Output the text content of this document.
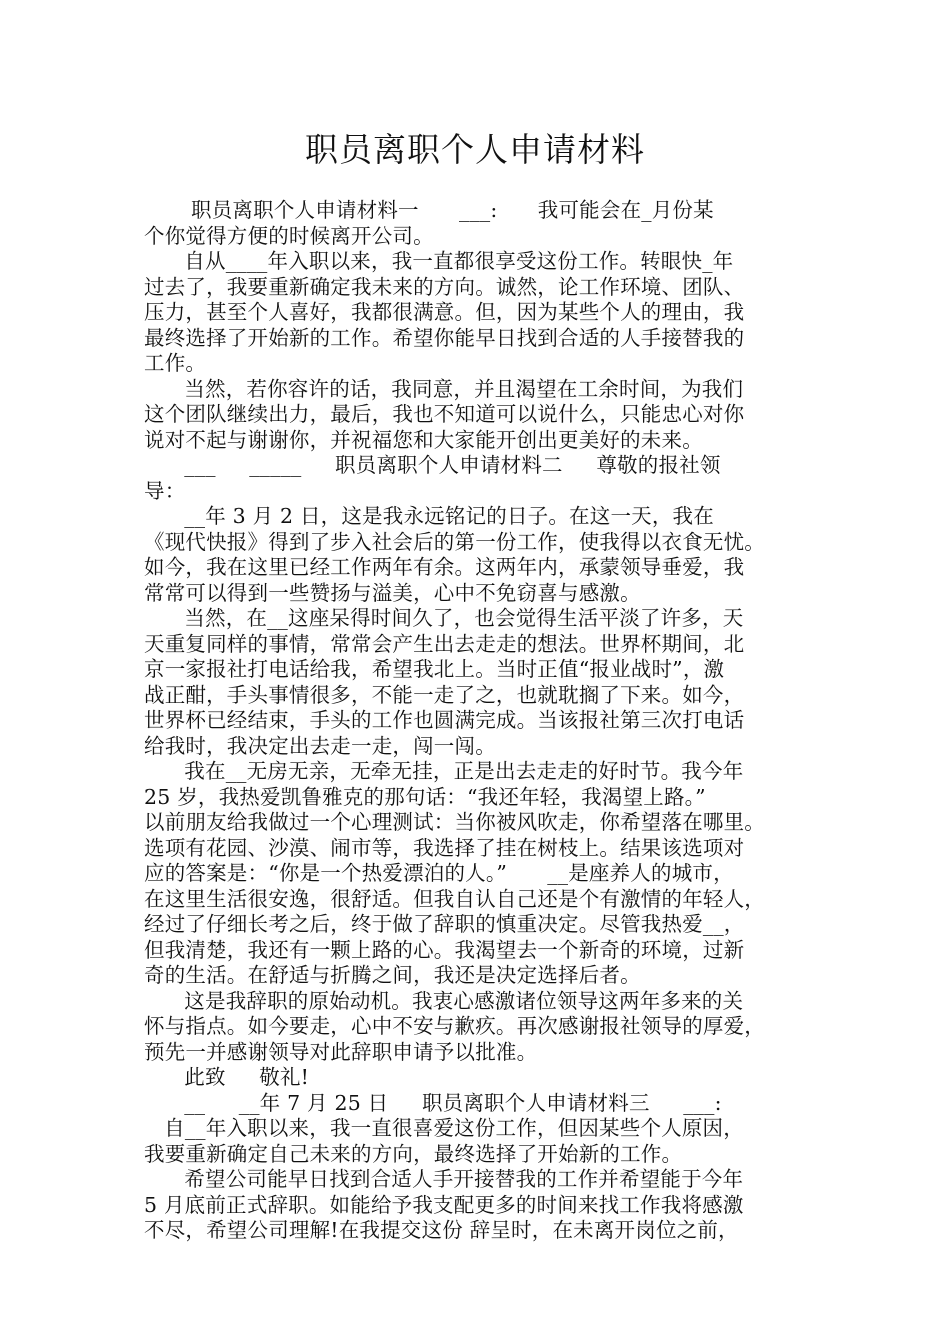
职员离职个人申请材料
职员离职个人申请材料一      ___:      我可能会在_月份某
个你觉得方便的时候离开公司。
自从____年入职以来，我一直都很享受这份工作。转眼快_年
过去了，我要重新确定我未来的方向。诚然，论工作环境、团队、
压力，甚至个人喜好，我都很满意。但，因为某些个人的理由，我
最终选择了开始新的工作。希望你能早日找到合适的人手接替我的
工作。
当然，若你容许的话，我同意，并且渴望在工余时间，为我们
这个团队继续出力，最后，我也不知道可以说什么，只能忠心对你
说对不起与谢谢你，并祝福您和大家能开创出更美好的未来。
___     _____     职员离职个人申请材料二     尊敬的报社领
导：
__年 3 月 2 日，这是我永远铭记的日子。在这一天，我在
《现代快报》得到了步入社会后的第一份工作，使我得以衣食无忧。
如今，我在这里已经工作两年有余。这两年内，承蒙领导垂爱，我
常常可以得到一些赞扬与溢美，心中不免窃喜与感激。
当然，在__这座呆得时间久了，也会觉得生活平淡了许多，天
天重复同样的事情，常常会产生出去走走的想法。世界杯期间，北
京一家报社打电话给我，希望我北上。当时正值“报业战时”，激
战正酣，手头事情很多，不能一走了之，也就耽搁了下来。如今，
世界杯已经结束，手头的工作也圆满完成。当该报社第三次打电话
给我时，我决定出去走一走，闯一闯。
我在__无房无亲，无牵无挂，正是出去走走的好时节。我今年
25 岁，我热爱凯鲁雅克的那句话：“我还年轻，我渴望上路。”
以前朋友给我做过一个心理测试：当你被风吹走，你希望落在哪里。
选项有花园、沙漠、闹市等，我选择了挂在树枝上。结果该选项对
应的答案是：“你是一个热爱漂泊的人。”      __是座养人的城市，
在这里生活很安逸，很舒适。但我自认自己还是个有激情的年轻人，
经过了仔细长考之后，终于做了辞职的慎重决定。尽管我热爱__，
但我清楚，我还有一颗上路的心。我渴望去一个新奇的环境，过新
奇的生活。在舒适与折腾之间，我还是决定选择后者。
这是我辞职的原始动机。我衷心感激诸位领导这两年多来的关
怀与指点。如今要走，心中不安与歉疚。再次感谢报社领导的厚爱，
预先一并感谢领导对此辞职申请予以批准。
此致     敬礼!
__     __年 7 月 25 日     职员离职个人申请材料三     ___:
自__年入职以来，我一直很喜爱这份工作，但因某些个人原因，
我要重新确定自己未来的方向，最终选择了开始新的工作。
希望公司能早日找到合适人手开接替我的工作并希望能于今年
5 月底前正式辞职。如能给予我支配更多的时间来找工作我将感激
不尽，希望公司理解!在我提交这份 辞呈时，在未离开岗位之前，
